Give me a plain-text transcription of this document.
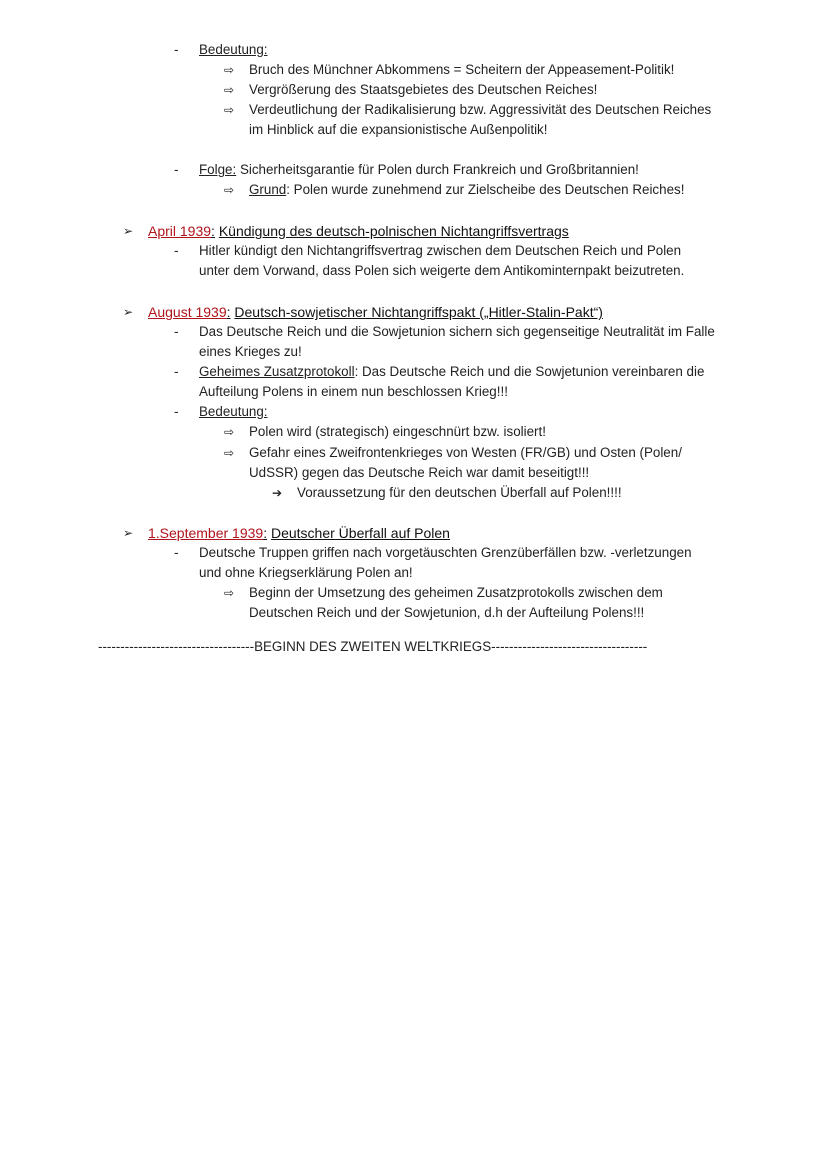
- Bedeutung:
⇨ Bruch des Münchner Abkommens = Scheitern der Appeasement-Politik!
⇨ Vergrößerung des Staatsgebietes des Deutschen Reiches!
⇨ Verdeutlichung der Radikalisierung bzw. Aggressivität des Deutschen Reiches
im Hinblick auf die expansionistische Außenpolitik!
- Folge: Sicherheitsgarantie für Polen durch Frankreich und Großbritannien!
⇨ Grund: Polen wurde zunehmend zur Zielscheibe des Deutschen Reiches!
➢ April 1939: Kündigung des deutsch-polnischen Nichtangriffsvertrags
- Hitler kündigt den Nichtangriffsvertrag zwischen dem Deutschen Reich und Polen
unter dem Vorwand, dass Polen sich weigerte dem Antikominternpakt beizutreten.
➢ August 1939: Deutsch-sowjetischer Nichtangriffspakt („Hitler-Stalin-Pakt“)
- Das Deutsche Reich und die Sowjetunion sichern sich gegenseitige Neutralität im Falle
eines Krieges zu!
- Geheimes Zusatzprotokoll: Das Deutsche Reich und die Sowjetunion vereinbaren die
Aufteilung Polens in einem nun beschlossen Krieg!!!
- Bedeutung:
⇨ Polen wird (strategisch) eingeschnürt bzw. isoliert!
⇨ Gefahr eines Zweifrontenkrieges von Westen (FR/GB) und Osten (Polen/
UdSSR) gegen das Deutsche Reich war damit beseitigt!!!
➔ Voraussetzung für den deutschen Überfall auf Polen!!!!
➢ 1.September 1939: Deutscher Überfall auf Polen
- Deutsche Truppen griffen nach vorgetäuschten Grenzüberfällen bzw. -verletzungen
und ohne Kriegserklärung Polen an!
⇨ Beginn der Umsetzung des geheimen Zusatzprotokolls zwischen dem
Deutschen Reich und der Sowjetunion, d.h der Aufteilung Polens!!!
-----------------------------------BEGINN DES ZWEITEN WELTKRIEGS-----------------------------------
